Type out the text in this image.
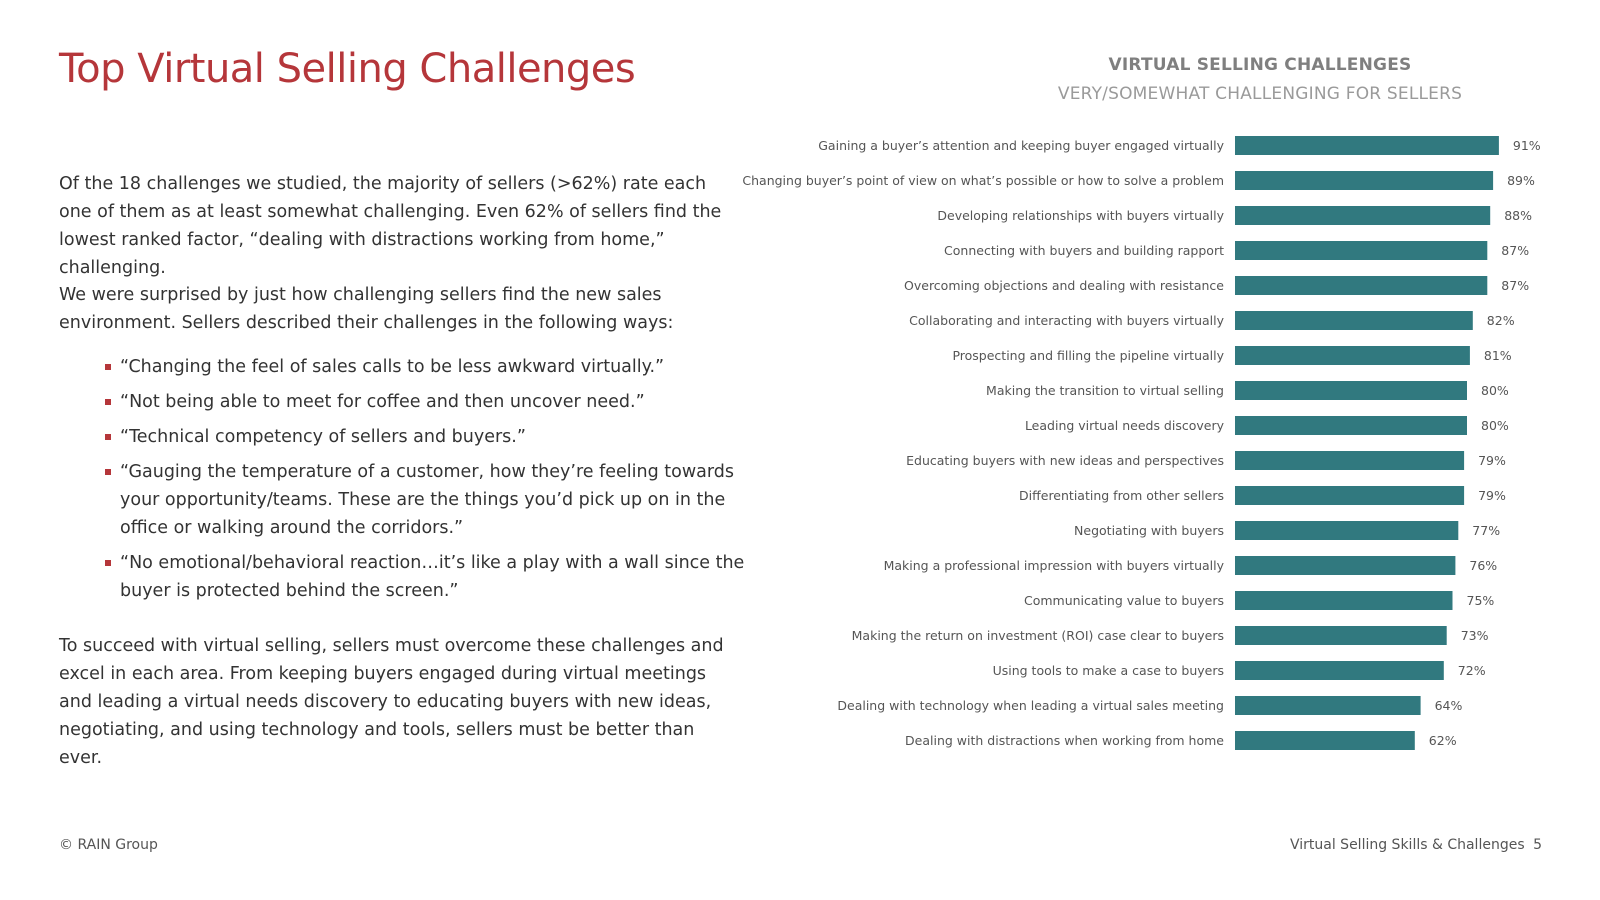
Top Virtual Selling Challenges

Of the 18 challenges we studied, the majority of sellers (>62%) rate each one of them as at least somewhat challenging. Even 62% of sellers find the lowest ranked factor, “dealing with distractions working from home,” challenging.

We were surprised by just how challenging sellers find the new sales environment. Sellers described their challenges in the following ways:

“Changing the feel of sales calls to be less awkward virtually.”
“Not being able to meet for coffee and then uncover need.”
“Technical competency of sellers and buyers.”
“Gauging the temperature of a customer, how they’re feeling towards your opportunity/teams. These are the things you’d pick up on in the office or walking around the corridors.”
“No emotional/behavioral reaction…it’s like a play with a wall since the buyer is protected behind the screen.”

To succeed with virtual selling, sellers must overcome these challenges and excel in each area. From keeping buyers engaged during virtual meetings and leading a virtual needs discovery to educating buyers with new ideas, negotiating, and using technology and tools, sellers must be better than ever.

VIRTUAL SELLING CHALLENGES
VERY/SOMEWHAT CHALLENGING FOR SELLERS
Gaining a buyer’s attention and keeping buyer engaged virtually	91%
Changing buyer’s point of view on what’s possible or how to solve a problem	89%
Developing relationships with buyers virtually	88%
Connecting with buyers and building rapport	87%
Overcoming objections and dealing with resistance	87%
Collaborating and interacting with buyers virtually	82%
Prospecting and filling the pipeline virtually	81%
Making the transition to virtual selling	80%
Leading virtual needs discovery	80%
Educating buyers with new ideas and perspectives	79%
Differentiating from other sellers	79%
Negotiating with buyers	77%
Making a professional impression with buyers virtually	76%
Communicating value to buyers	75%
Making the return on investment (ROI) case clear to buyers	73%
Using tools to make a case to buyers	72%
Dealing with technology when leading a virtual sales meeting	64%
Dealing with distractions when working from home	62%
© RAIN Group	Virtual Selling Skills & Challenges 5
